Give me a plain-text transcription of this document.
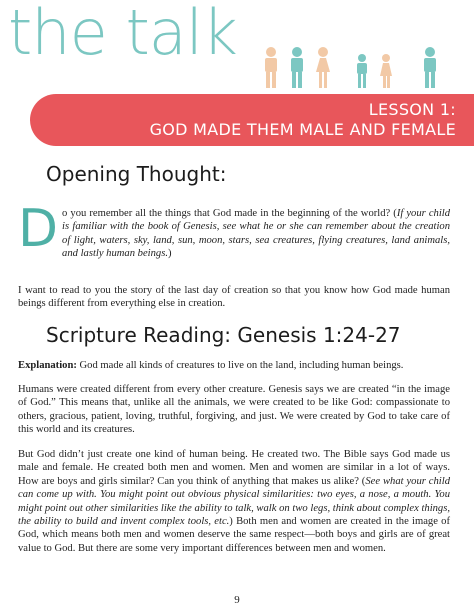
the talk
LESSON 1:
GOD MADE THEM MALE AND FEMALE
Opening Thought:
Do you remember all the things that God made in the beginning of the world? (If your child is familiar with the book of Genesis, see what he or she can remember about the creation of light, waters, sky, land, sun, moon, stars, sea creatures, flying creatures, land animals, and lastly human beings.)
I want to read to you the story of the last day of creation so that you know how God made human beings different from everything else in creation.
Scripture Reading: Genesis 1:24-27
Explanation: God made all kinds of creatures to live on the land, including human beings.
Humans were created different from every other creature. Genesis says we are created “in the image of God.” This means that, unlike all the animals, we were created to be like God: compassionate to others, gracious, patient, loving, truthful, forgiving, and just. We were created by God to take care of this world and its creatures.
But God didn’t just create one kind of human being. He created two. The Bible says God made us male and female. He created both men and women. Men and women are similar in a lot of ways. How are boys and girls similar? Can you think of anything that makes us alike? (See what your child can come up with. You might point out obvious physical similarities: two eyes, a nose, a mouth. You might point out other similarities like the ability to talk, walk on two legs, think about complex things, the ability to build and invent complex tools, etc.) Both men and women are created in the image of God, which means both men and women deserve the same respect—both boys and girls are of great value to God. But there are some very important differences between men and women.
9
